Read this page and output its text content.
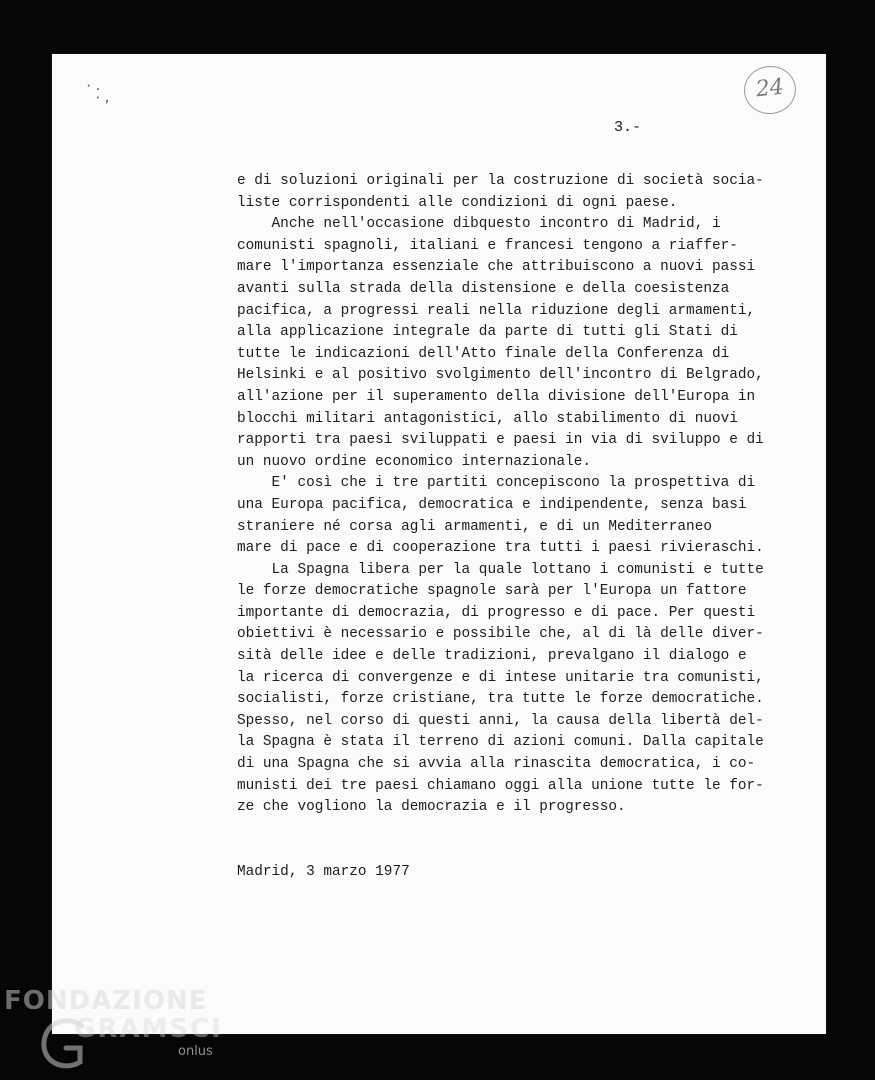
·.
·,	24
3.-
e di soluzioni originali per la costruzione di società socia-
liste corrispondenti alle condizioni di ogni paese.
Anche nell'occasione dibquesto incontro di Madrid, i
comunisti spagnoli, italiani e francesi tengono a riaffer-
mare l'importanza essenziale che attribuiscono a nuovi passi
avanti sulla strada della distensione e della coesistenza
pacifica, a progressi reali nella riduzione degli armamenti,
alla applicazione integrale da parte di tutti gli Stati di
tutte le indicazioni dell'Atto finale della Conferenza di
Helsinki e al positivo svolgimento dell'incontro di Belgrado,
all'azione per il superamento della divisione dell'Europa in
blocchi militari antagonistici, allo stabilimento di nuovi
rapporti tra paesi sviluppati e paesi in via di sviluppo e di
un nuovo ordine economico internazionale.
E' così che i tre partiti concepiscono la prospettiva di
una Europa pacifica, democratica e indipendente, senza basi
straniere né corsa agli armamenti, e di un Mediterraneo
mare di pace e di cooperazione tra tutti i paesi rivieraschi.
La Spagna libera per la quale lottano i comunisti e tutte
le forze democratiche spagnole sarà per l'Europa un fattore
importante di democrazia, di progresso e di pace. Per questi
obiettivi è necessario e possibile che, al di là delle diver-
sità delle idee e delle tradizioni, prevalgano il dialogo e
la ricerca di convergenze e di intese unitarie tra comunisti,
socialisti, forze cristiane, tra tutte le forze democratiche.
Spesso, nel corso di questi anni, la causa della libertà del-
la Spagna è stata il terreno di azioni comuni. Dalla capitale
di una Spagna che si avvia alla rinascita democratica, i co-
munisti dei tre paesi chiamano oggi alla unione tutte le for-
ze che vogliono la democrazia e il progresso.
Madrid, 3 marzo 1977
FONDAZIONE
GRAMSCI
onlus
